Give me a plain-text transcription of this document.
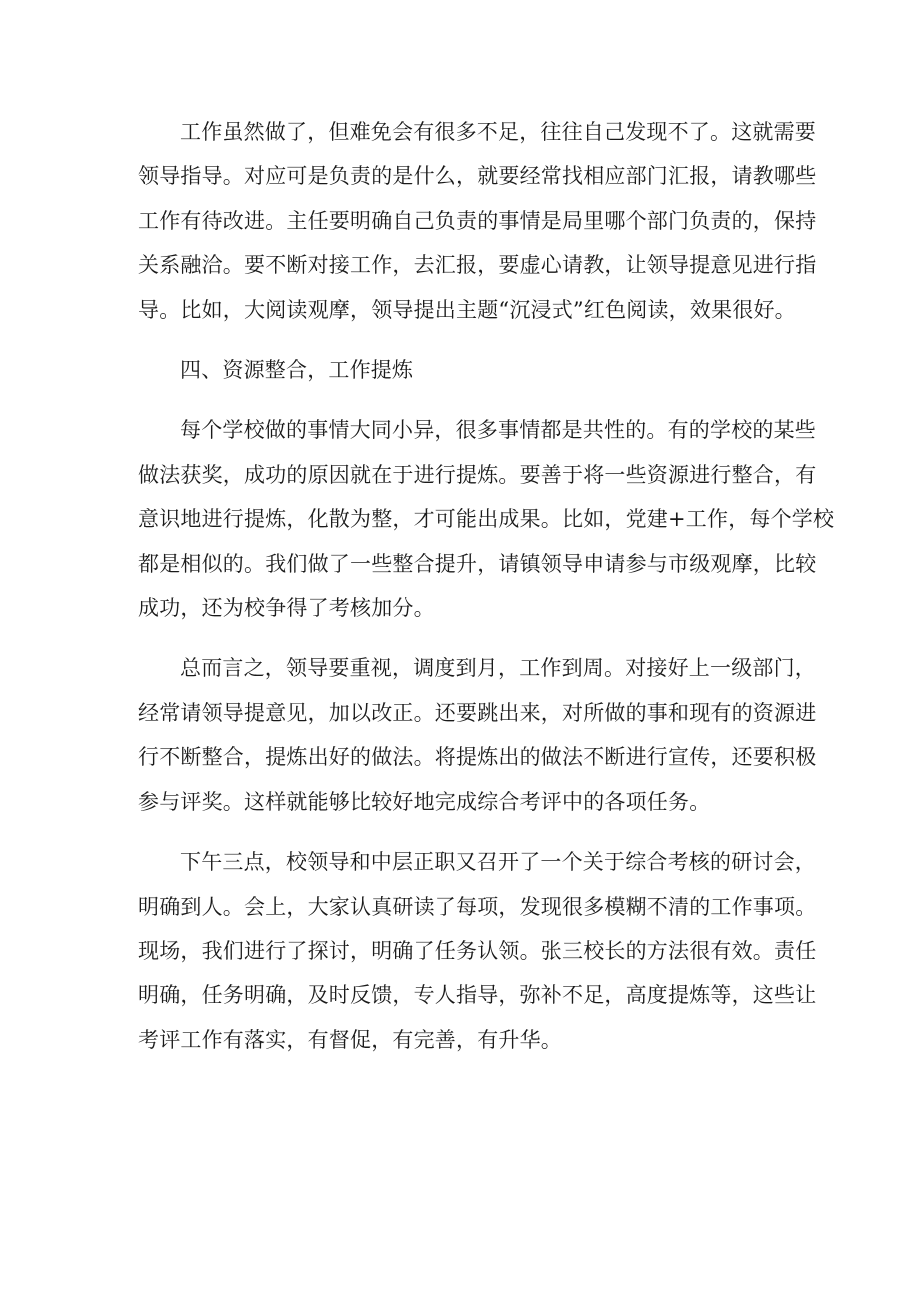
工作虽然做了，但难免会有很多不足，往往自己发现不了。这就需要
领导指导。对应可是负责的是什么，就要经常找相应部门汇报，请教哪些
工作有待改进。主任要明确自己负责的事情是局里哪个部门负责的，保持
关系融洽。要不断对接工作，去汇报，要虚心请教，让领导提意见进行指
导。比如，大阅读观摩，领导提出主题“沉浸式”红色阅读，效果很好。

四、资源整合，工作提炼

每个学校做的事情大同小异，很多事情都是共性的。有的学校的某些
做法获奖，成功的原因就在于进行提炼。要善于将一些资源进行整合，有
意识地进行提炼，化散为整，才可能出成果。比如，党建+工作，每个学校
都是相似的。我们做了一些整合提升，请镇领导申请参与市级观摩，比较
成功，还为校争得了考核加分。

总而言之，领导要重视，调度到月，工作到周。对接好上一级部门，
经常请领导提意见，加以改正。还要跳出来，对所做的事和现有的资源进
行不断整合，提炼出好的做法。将提炼出的做法不断进行宣传，还要积极
参与评奖。这样就能够比较好地完成综合考评中的各项任务。

下午三点，校领导和中层正职又召开了一个关于综合考核的研讨会，
明确到人。会上，大家认真研读了每项，发现很多模糊不清的工作事项。
现场，我们进行了探讨，明确了任务认领。张三校长的方法很有效。责任
明确，任务明确，及时反馈，专人指导，弥补不足，高度提炼等，这些让
考评工作有落实，有督促，有完善，有升华。
